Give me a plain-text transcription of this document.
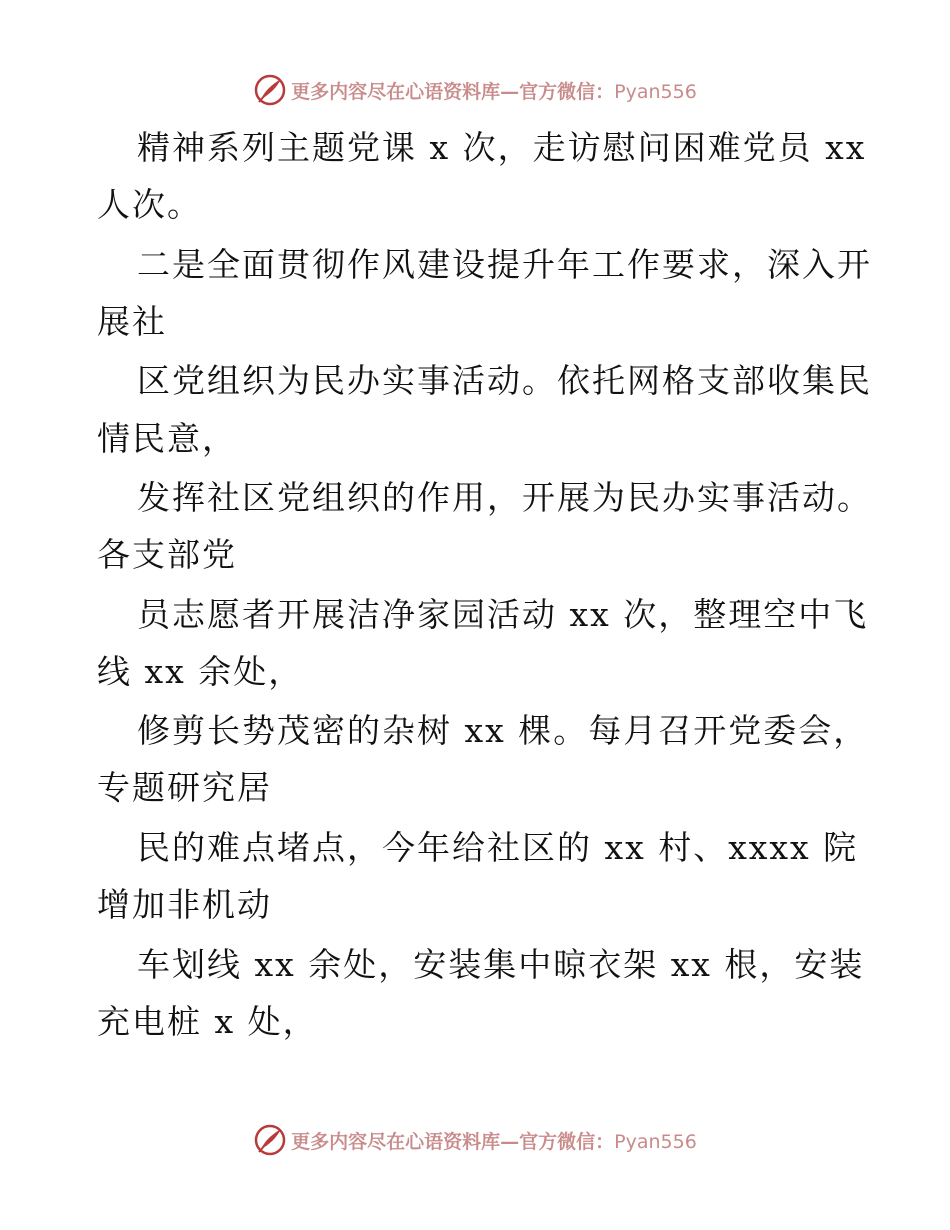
更多内容尽在心语资料库—官方微信：Pyan556
精神系列主题党课 x 次，走访慰问困难党员 xx
人次。
二是全面贯彻作风建设提升年工作要求，深入开
展社
区党组织为民办实事活动。依托网格支部收集民
情民意，
发挥社区党组织的作用，开展为民办实事活动。
各支部党
员志愿者开展洁净家园活动 xx 次，整理空中飞
线 xx 余处，
修剪长势茂密的杂树 xx 棵。每月召开党委会，
专题研究居
民的难点堵点，今年给社区的 xx 村、xxxx 院
增加非机动
车划线 xx 余处，安装集中晾衣架 xx 根，安装
充电桩 x 处，
更多内容尽在心语资料库—官方微信：Pyan556
